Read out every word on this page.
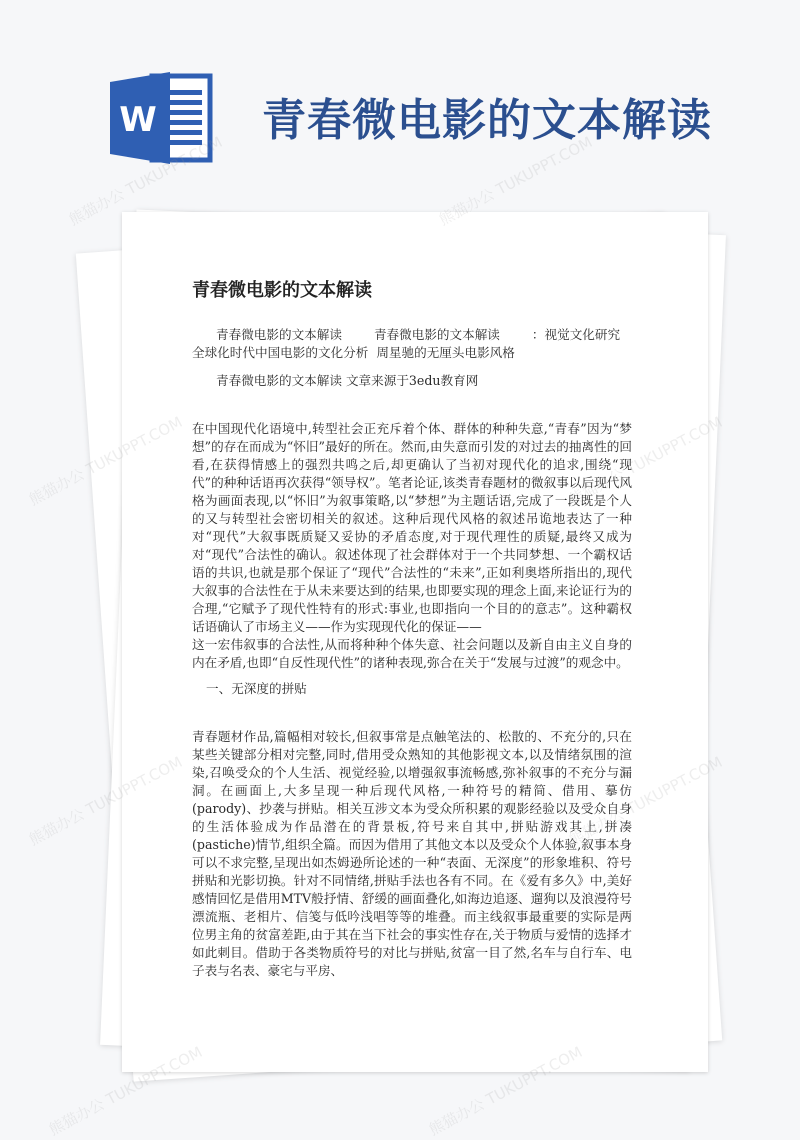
W 青春微电影的文本解读
青春微电影的文本解读
青春微电影的文本解读        青春微电影的文本解读        ：视觉文化研究
全球化时代中国电影的文化分析  周星驰的无厘头电影风格
青春微电影的文本解读 文章来源于3edu教育网

在中国现代化语境中,转型社会正充斥着个体、群体的种种失意,“青春”因为“梦想”的存在而成为“怀旧”最好的所在。然而,由失意而引发的对过去的抽离性的回看,在获得情感上的强烈共鸣之后,却更确认了当初对现代化的追求,围绕“现代”的种种话语再次获得“领导权”。笔者论证,该类青春题材的微叙事以后现代风格为画面表现,以“怀旧”为叙事策略,以“梦想”为主题话语,完成了一段既是个人的又与转型社会密切相关的叙述。这种后现代风格的叙述吊诡地表达了一种对“现代”大叙事既质疑又妥协的矛盾态度,对于现代理性的质疑,最终又成为对“现代”合法性的确认。叙述体现了社会群体对于一个共同梦想、一个霸权话语的共识,也就是那个保证了“现代”合法性的“未来”,正如利奥塔所指出的,现代大叙事的合法性在于从未来要达到的结果,也即要实现的理念上面,来论证行为的合理,“它赋予了现代性特有的形式:事业,也即指向一个目的的意志”。这种霸权话语确认了市场主义——作为实现现代化的保证——

这一宏伟叙事的合法性,从而将种种个体失意、社会问题以及新自由主义自身的内在矛盾,也即“自反性现代性”的诸种表现,弥合在关于“发展与过渡”的观念中。

一、无深度的拼贴

青春题材作品,篇幅相对较长,但叙事常是点触笔法的、松散的、不充分的,只在某些关键部分相对完整,同时,借用受众熟知的其他影视文本,以及情绪氛围的渲染,召唤受众的个人生活、视觉经验,以增强叙事流畅感,弥补叙事的不充分与漏洞。在画面上,大多呈现一种后现代风格,一种符号的精简、借用、摹仿(parody)、抄袭与拼贴。相关互涉文本为受众所积累的观影经验以及受众自身的生活体验成为作品潜在的背景板,符号来自其中,拼贴游戏其上,拼凑(pastiche)情节,组织全篇。而因为借用了其他文本以及受众个人体验,叙事本身可以不求完整,呈现出如杰姆逊所论述的一种“表面、无深度”的形象堆积、符号拼贴和光影切换。针对不同情绪,拼贴手法也各有不同。在《爱有多久》中,美好感情回忆是借用MTV般抒情、舒缓的画面叠化,如海边追逐、遛狗以及浪漫符号漂流瓶、老相片、信笺与低吟浅唱等等的堆叠。而主线叙事最重要的实际是两位男主角的贫富差距,由于其在当下社会的事实性存在,关于物质与爱情的选择才如此刺目。借助于各类物质符号的对比与拼贴,贫富一目了然,名车与自行车、电子表与名表、豪宅与平房、

熊猫办公 TUKUPPT.COM	熊猫办公 TUKUPPT.COM
熊猫办公
熊猫办公 TUKUPPT.COM
熊猫办公 TUKUPPT.COM	熊猫办公 TUKUPPT.COM
